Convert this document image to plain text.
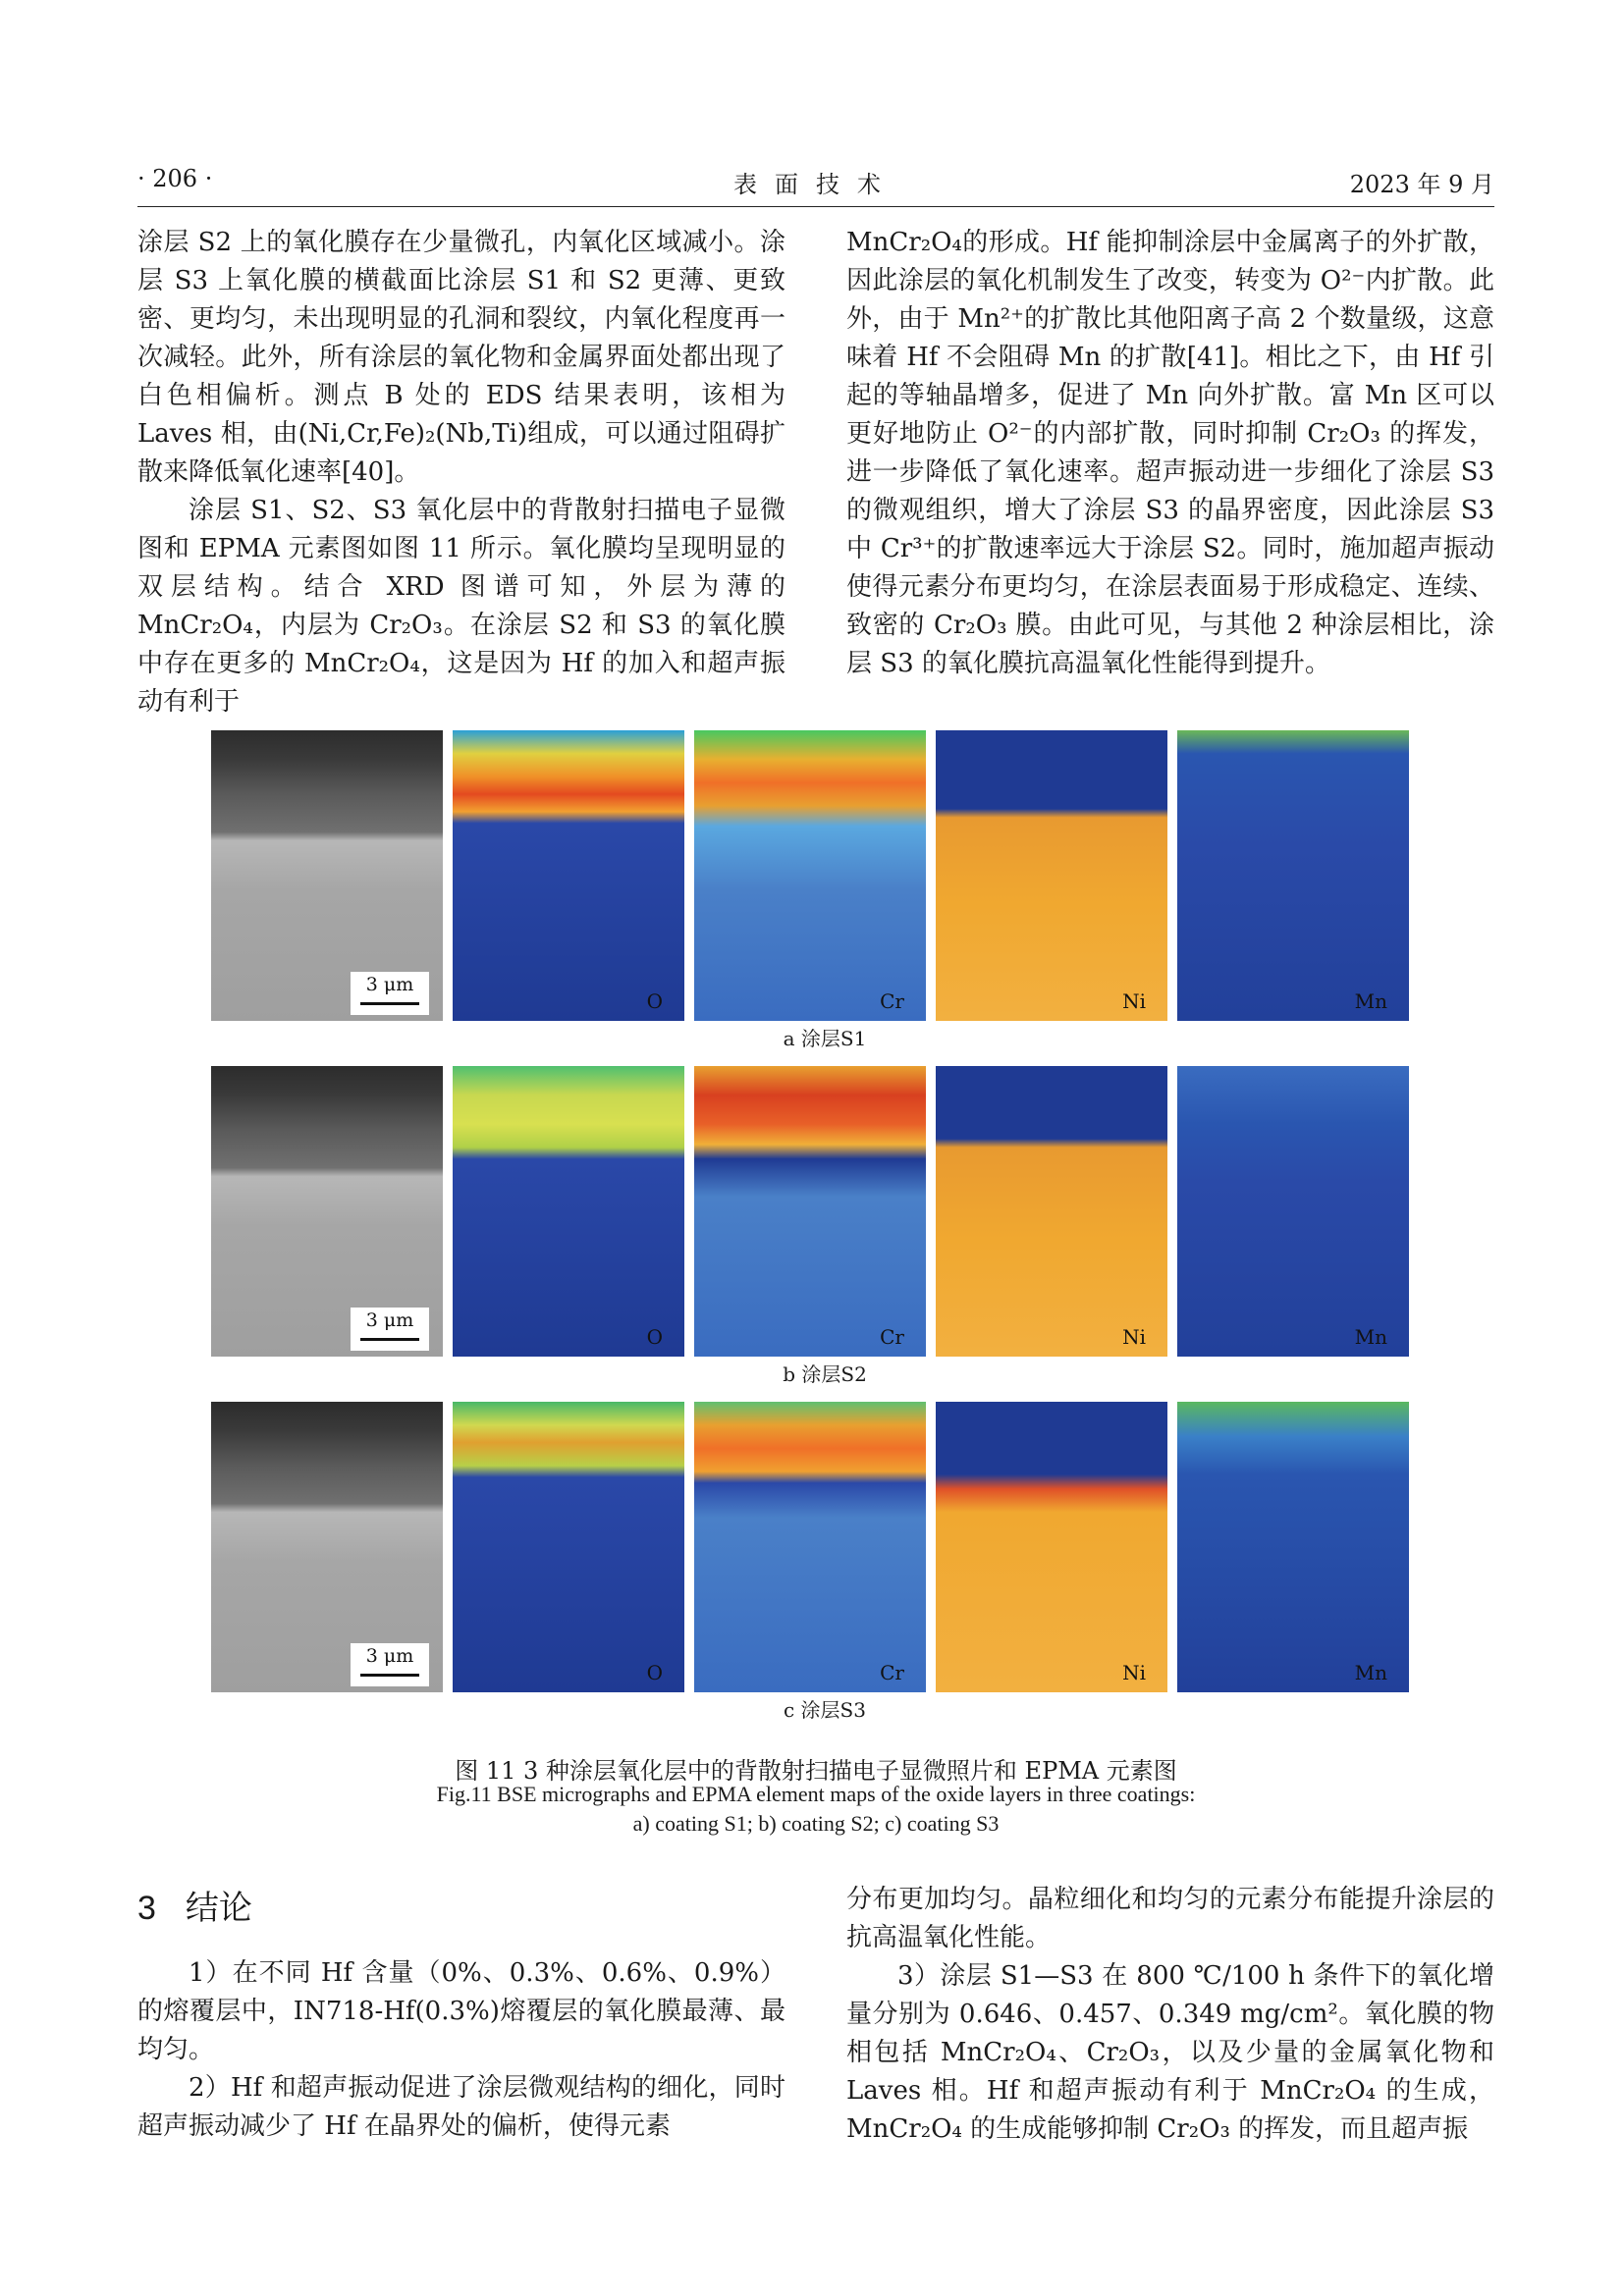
· 206 ·	表面技术	2023 年 9 月

涂层 S2 上的氧化膜存在少量微孔，内氧化区域减小。涂层 S3 上氧化膜的横截面比涂层 S1 和 S2 更薄、更致密、更均匀，未出现明显的孔洞和裂纹，内氧化程度再一次减轻。此外，所有涂层的氧化物和金属界面处都出现了白色相偏析。测点 B 处的 EDS 结果表明，该相为 Laves 相，由(Ni,Cr,Fe)₂(Nb,Ti)组成，可以通过阻碍扩散来降低氧化速率[40]。

涂层 S1、S2、S3 氧化层中的背散射扫描电子显微图和 EPMA 元素图如图 11 所示。氧化膜均呈现明显的双层结构。结合 XRD 图谱可知，外层为薄的 MnCr₂O₄，内层为 Cr₂O₃。在涂层 S2 和 S3 的氧化膜中存在更多的 MnCr₂O₄，这是因为 Hf 的加入和超声振动有利于

MnCr₂O₄的形成。Hf 能抑制涂层中金属离子的外扩散，因此涂层的氧化机制发生了改变，转变为 O²⁻内扩散。此外，由于 Mn²⁺的扩散比其他阳离子高 2 个数量级，这意味着 Hf 不会阻碍 Mn 的扩散[41]。相比之下，由 Hf 引起的等轴晶增多，促进了 Mn 向外扩散。富 Mn 区可以更好地防止 O²⁻的内部扩散，同时抑制 Cr₂O₃ 的挥发，进一步降低了氧化速率。超声振动进一步细化了涂层 S3 的微观组织，增大了涂层 S3 的晶界密度，因此涂层 S3 中 Cr³⁺的扩散速率远大于涂层 S2。同时，施加超声振动使得元素分布更均匀，在涂层表面易于形成稳定、连续、致密的 Cr₂O₃ 膜。由此可见，与其他 2 种涂层相比，涂层 S3 的氧化膜抗高温氧化性能得到提升。

3 μm
O	Cr	Ni	Mn
a 涂层S1
3 μm
O	Cr	Ni	Mn
b 涂层S2
3 μm
O	Cr	Ni	Mn
c 涂层S3
图 11 3 种涂层氧化层中的背散射扫描电子显微照片和 EPMA 元素图
Fig.11 BSE micrographs and EPMA element maps of the oxide layers in three coatings:
a) coating S1; b) coating S2; c) coating S3
3 结论

1）在不同 Hf 含量（0%、0.3%、0.6%、0.9%）的熔覆层中，IN718-Hf(0.3%)熔覆层的氧化膜最薄、最均匀。

2）Hf 和超声振动促进了涂层微观结构的细化，同时超声振动减少了 Hf 在晶界处的偏析，使得元素

分布更加均匀。晶粒细化和均匀的元素分布能提升涂层的抗高温氧化性能。

3）涂层 S1—S3 在 800 ℃/100 h 条件下的氧化增量分别为 0.646、0.457、0.349 mg/cm²。氧化膜的物相包括 MnCr₂O₄、Cr₂O₃，以及少量的金属氧化物和 Laves 相。Hf 和超声振动有利于 MnCr₂O₄ 的生成，MnCr₂O₄ 的生成能够抑制 Cr₂O₃ 的挥发，而且超声振
